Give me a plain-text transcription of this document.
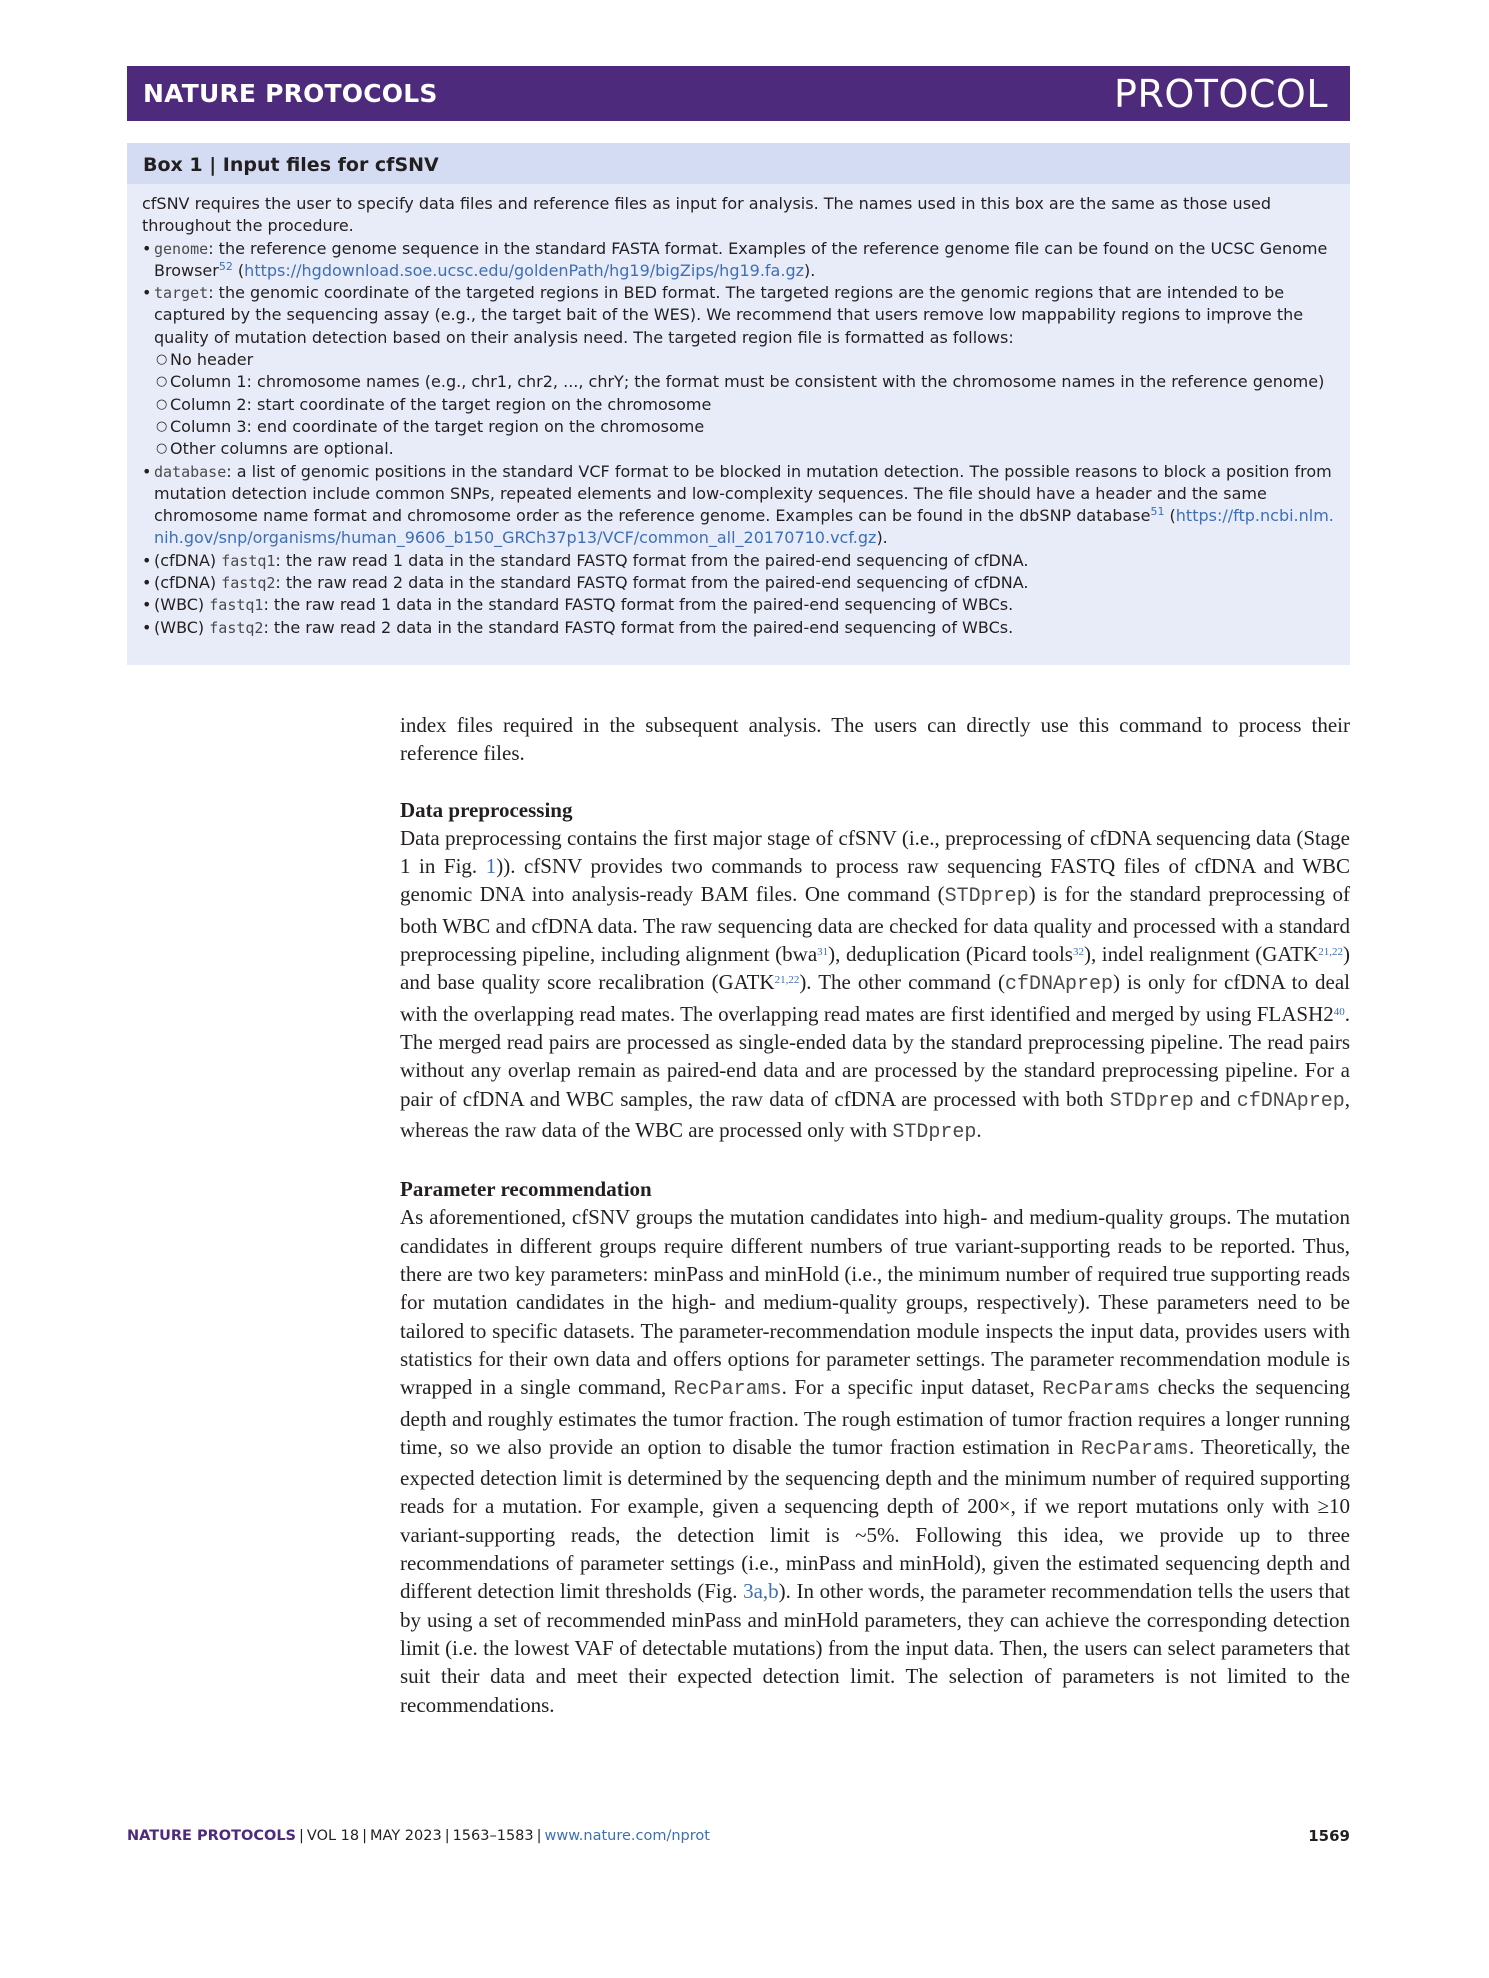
NATURE PROTOCOLS	PROTOCOL
Box 1 | Input files for cfSNV

cfSNV requires the user to specify data files and reference files as input for analysis. The names used in this box are the same as those used throughout the procedure.

• genome: the reference genome sequence in the standard FASTA format. Examples of the reference genome file can be found on the UCSC Genome Browser$^{52}$ (https://hgdownload.soe.ucsc.edu/goldenPath/hg19/bigZips/hg19.fa.gz).
• target: the genomic coordinate of the targeted regions in BED format. The targeted regions are the genomic regions that are intended to be captured by the sequencing assay (e.g., the target bait of the WES). We recommend that users remove low mappability regions to improve the quality of mutation detection based on their analysis need. The targeted region file is formatted as follows:
○ No header
○ Column 1: chromosome names (e.g., chr1, chr2, ..., chrY; the format must be consistent with the chromosome names in the reference genome)
○ Column 2: start coordinate of the target region on the chromosome
○ Column 3: end coordinate of the target region on the chromosome
○ Other columns are optional.
• database: a list of genomic positions in the standard VCF format to be blocked in mutation detection. The possible reasons to block a position from mutation detection include common SNPs, repeated elements and low-complexity sequences. The file should have a header and the same chromosome name format and chromosome order as the reference genome. Examples can be found in the dbSNP database$^{51}$ (https://ftp.ncbi.nlm.nih.gov/snp/organisms/human_9606_b150_GRCh37p13/VCF/common_all_20170710.vcf.gz).
• (cfDNA) fastq1: the raw read 1 data in the standard FASTQ format from the paired-end sequencing of cfDNA.
• (cfDNA) fastq2: the raw read 2 data in the standard FASTQ format from the paired-end sequencing of cfDNA.
• (WBC) fastq1: the raw read 1 data in the standard FASTQ format from the paired-end sequencing of WBCs.
• (WBC) fastq2: the raw read 2 data in the standard FASTQ format from the paired-end sequencing of WBCs.

index files required in the subsequent analysis. The users can directly use this command to process their reference files.

Data preprocessing

Data preprocessing contains the first major stage of cfSNV (i.e., preprocessing of cfDNA sequencing data (Stage 1 in Fig. 1)). cfSNV provides two commands to process raw sequencing FASTQ files of cfDNA and WBC genomic DNA into analysis-ready BAM files. One command (STDprep) is for the standard preprocessing of both WBC and cfDNA data. The raw sequencing data are checked for data quality and processed with a standard preprocessing pipeline, including alignment (bwa$^{31}$), deduplication (Picard tools$^{32}$), indel realignment (GATK$^{21,22}$) and base quality score recalibration (GATK$^{21,22}$). The other command (cfDNAprep) is only for cfDNA to deal with the overlapping read mates. The overlapping read mates are first identified and merged by using FLASH2$^{40}$. The merged read pairs are processed as single-ended data by the standard preprocessing pipeline. The read pairs without any overlap remain as paired-end data and are processed by the standard preprocessing pipeline. For a pair of cfDNA and WBC samples, the raw data of cfDNA are processed with both STDprep and cfDNAprep, whereas the raw data of the WBC are processed only with STDprep.

Parameter recommendation

As aforementioned, cfSNV groups the mutation candidates into high- and medium-quality groups. The mutation candidates in different groups require different numbers of true variant-supporting reads to be reported. Thus, there are two key parameters: minPass and minHold (i.e., the minimum number of required true supporting reads for mutation candidates in the high- and medium-quality groups, respectively). These parameters need to be tailored to specific datasets. The parameter-recommendation module inspects the input data, provides users with statistics for their own data and offers options for parameter settings. The parameter recommendation module is wrapped in a single command, RecParams. For a specific input dataset, RecParams checks the sequencing depth and roughly estimates the tumor fraction. The rough estimation of tumor fraction requires a longer running time, so we also provide an option to disable the tumor fraction estimation in RecParams. Theoretically, the expected detection limit is determined by the sequencing depth and the minimum number of required supporting reads for a mutation. For example, given a sequencing depth of 200×, if we report mutations only with ≥10 variant-supporting reads, the detection limit is ~5%. Following this idea, we provide up to three recommendations of parameter settings (i.e., minPass and minHold), given the estimated sequencing depth and different detection limit thresholds (Fig. 3a,b). In other words, the parameter recommendation tells the users that by using a set of recommended minPass and minHold parameters, they can achieve the corresponding detection limit (i.e. the lowest VAF of detectable mutations) from the input data. Then, the users can select parameters that suit their data and meet their expected detection limit. The selection of parameters is not limited to the recommendations.

NATURE PROTOCOLS | VOL 18 | MAY 2023 | 1563–1583 | www.nature.com/nprot	1569
